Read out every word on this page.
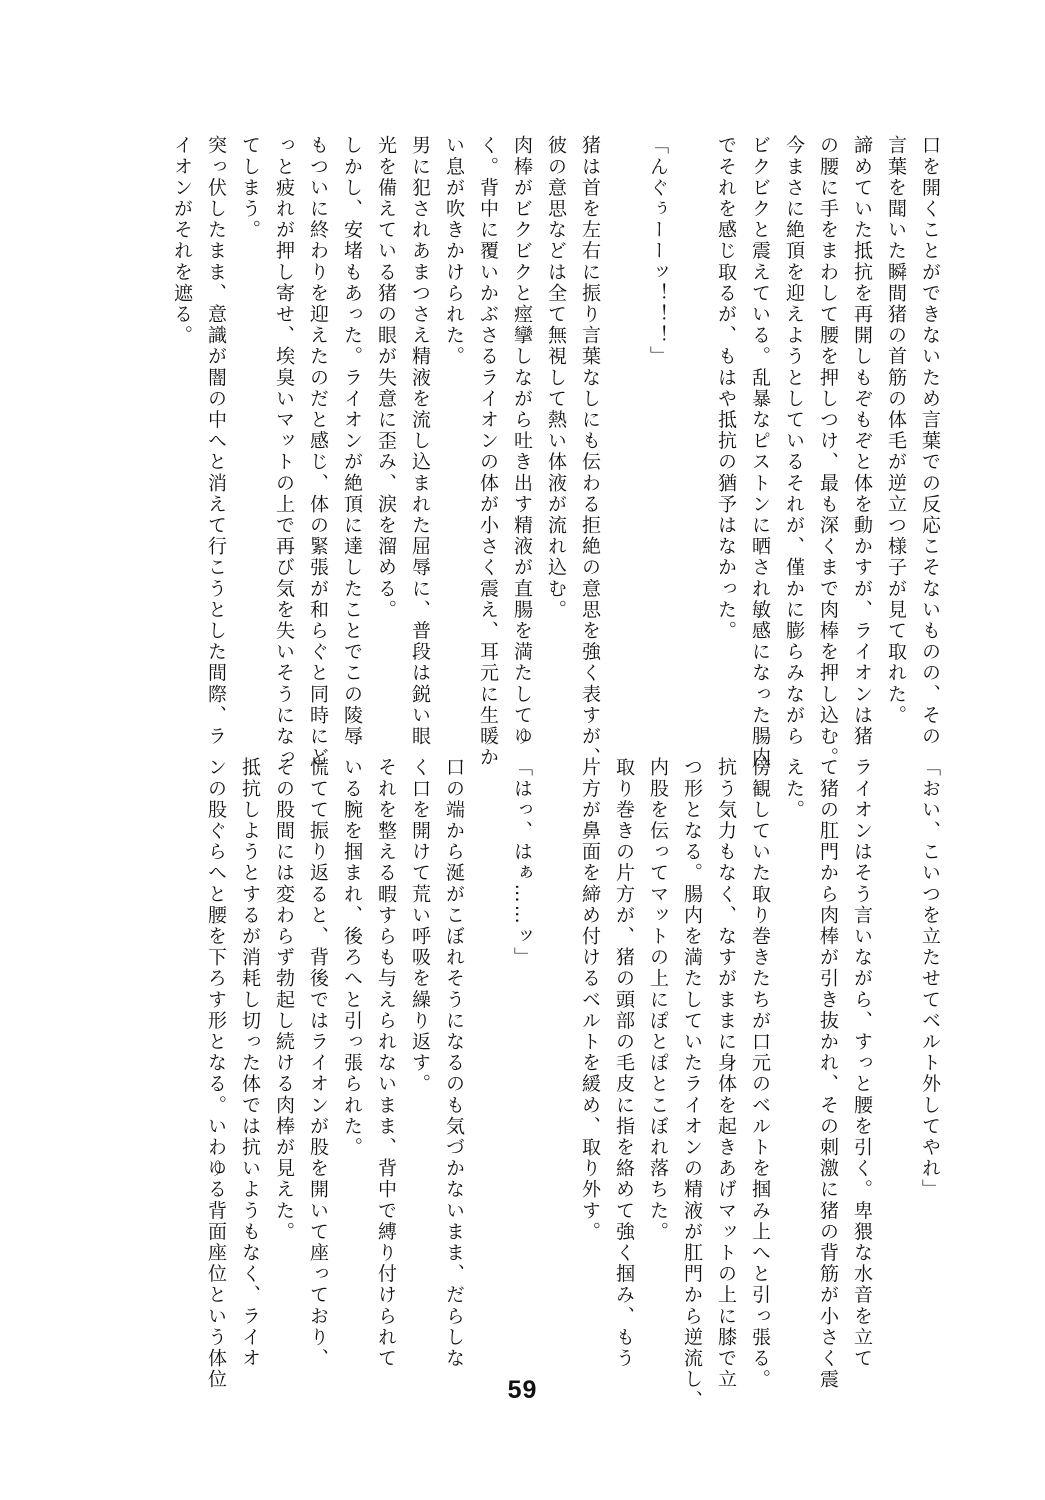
口を開くことができないため言葉での反応こそないものの、その
言葉を聞いた瞬間猪の首筋の体毛が逆立つ様子が見て取れた。
諦めていた抵抗を再開しもぞもぞと体を動かすが、ライオンは猪
の腰に手をまわして腰を押しつけ、最も深くまで肉棒を押し込む。
今まさに絶頂を迎えようとしているそれが、僅かに膨らみながら
ビクビクと震えている。乱暴なピストンに晒され敏感になった腸内
でそれを感じ取るが、もはや抵抗の猶予はなかった。

「んぐぅーーッ！！！」

猪は首を左右に振り言葉なしにも伝わる拒絶の意思を強く表すが、
彼の意思などは全て無視して熱い体液が流れ込む。
肉棒がビクビクと痙攣しながら吐き出す精液が直腸を満たしてゆ
く。背中に覆いかぶさるライオンの体が小さく震え、耳元に生暖か
い息が吹きかけられた。
男に犯されあまつさえ精液を流し込まれた屈辱に、普段は鋭い眼
光を備えている猪の眼が失意に歪み、涙を溜める。
しかし、安堵もあった。ライオンが絶頂に達したことでこの陵辱
もついに終わりを迎えたのだと感じ、体の緊張が和らぐと同時にど
っと疲れが押し寄せ、埃臭いマットの上で再び気を失いそうになっ
てしまう。
突っ伏したまま、意識が闇の中へと消えて行こうとした間際、ラ
イオンがそれを遮る。
「おい、こいつを立たせてベルト外してやれ」

ライオンはそう言いながら、すっと腰を引く。卑猥な水音を立て
て猪の肛門から肉棒が引き抜かれ、その刺激に猪の背筋が小さく震
えた。
傍観していた取り巻きたちが口元のベルトを掴み上へと引っ張る。
抗う気力もなく、なすがままに身体を起きあげマットの上に膝で立
つ形となる。腸内を満たしていたライオンの精液が肛門から逆流し、
内股を伝ってマットの上にぽとぽとこぼれ落ちた。
取り巻きの片方が、猪の頭部の毛皮に指を絡めて強く掴み、もう
片方が鼻面を締め付けるベルトを緩め、取り外す。

「はっ、はぁ……ッ」

口の端から涎がこぼれそうになるのも気づかないまま、だらしな
く口を開けて荒い呼吸を繰り返す。
それを整える暇すらも与えられないまま、背中で縛り付けられて
いる腕を掴まれ、後ろへと引っ張られた。
慌てて振り返ると、背後ではライオンが股を開いて座っており、
その股間には変わらず勃起し続ける肉棒が見えた。
抵抗しようとするが消耗し切った体では抗いようもなく、ライオ
ンの股ぐらへと腰を下ろす形となる。いわゆる背面座位という体位	59
